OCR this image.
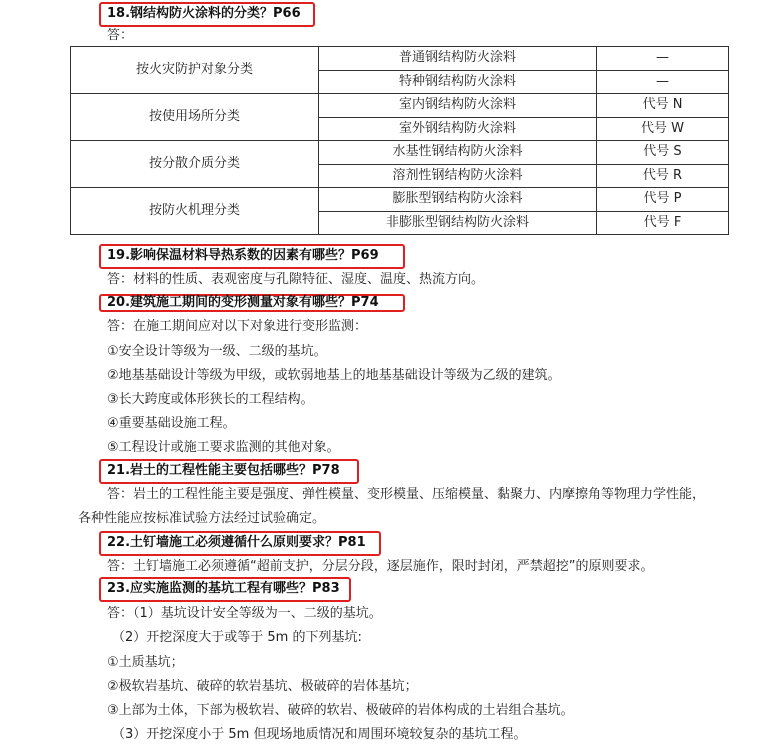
18.钢结构防火涂料的分类？P66
答：
按火灾防护对象分类	普通钢结构防火涂料	—
	特种钢结构防火涂料	—
按使用场所分类	室内钢结构防火涂料	代号 N
	室外钢结构防火涂料	代号 W
按分散介质分类	水基性钢结构防火涂料	代号 S
	溶剂性钢结构防火涂料	代号 R
按防火机理分类	膨胀型钢结构防火涂料	代号 P
	非膨胀型钢结构防火涂料	代号 F
19.影响保温材料导热系数的因素有哪些？P69
答：材料的性质、表观密度与孔隙特征、湿度、温度、热流方向。
20.建筑施工期间的变形测量对象有哪些？P74
答：在施工期间应对以下对象进行变形监测：
①安全设计等级为一级、二级的基坑。
②地基基础设计等级为甲级，或软弱地基上的地基基础设计等级为乙级的建筑。
③长大跨度或体形狭长的工程结构。
④重要基础设施工程。
⑤工程设计或施工要求监测的其他对象。
21.岩土的工程性能主要包括哪些？P78
答：岩土的工程性能主要是强度、弹性模量、变形模量、压缩模量、黏聚力、内摩擦角等物理力学性能，
各种性能应按标准试验方法经过试验确定。
22.土钉墙施工必须遵循什么原则要求？P81
答：土钉墙施工必须遵循“超前支护，分层分段，逐层施作，限时封闭，严禁超挖”的原则要求。
23.应实施监测的基坑工程有哪些？P83
答：（1）基坑设计安全等级为一、二级的基坑。
（2）开挖深度大于或等于 5m 的下列基坑:
①土质基坑；
②极软岩基坑、破碎的软岩基坑、极破碎的岩体基坑；
③上部为土体，下部为极软岩、破碎的软岩、极破碎的岩体构成的土岩组合基坑。
（3）开挖深度小于 5m 但现场地质情况和周围环境较复杂的基坑工程。
